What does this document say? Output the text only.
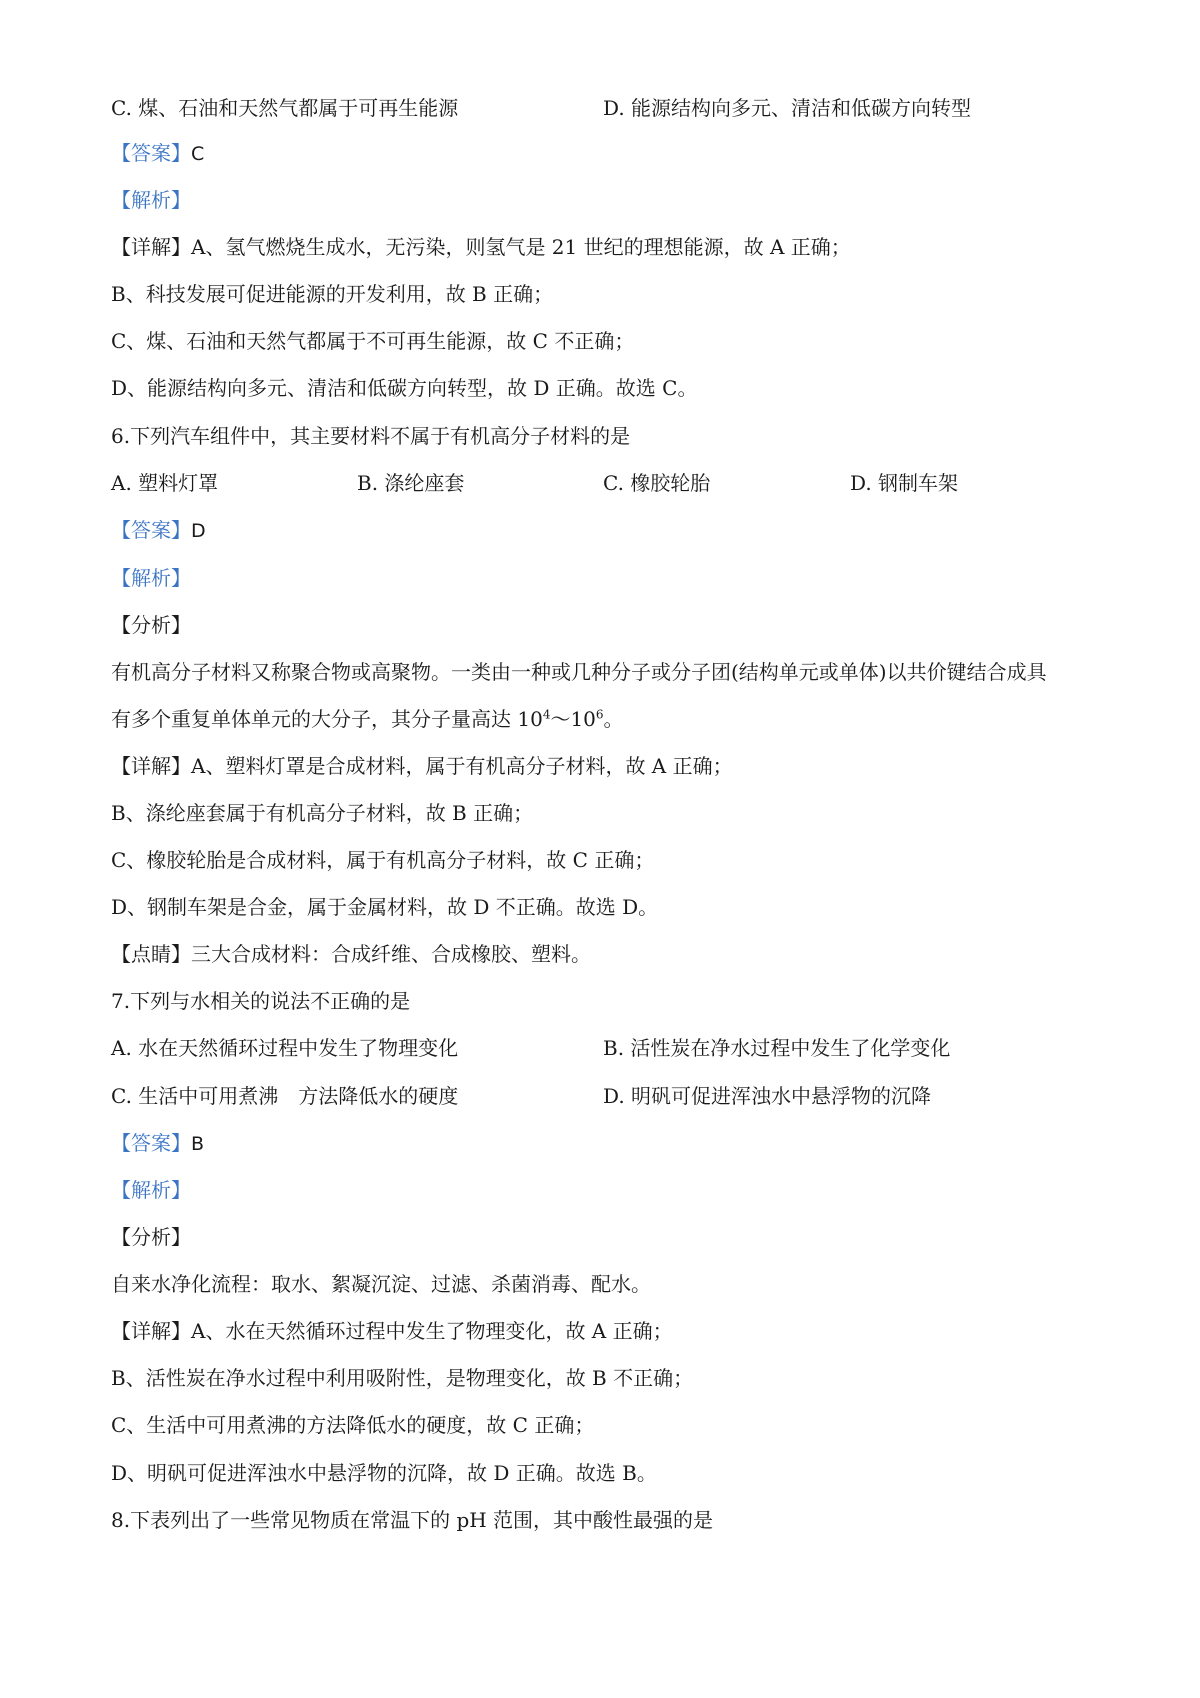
C. 煤、石油和天然气都属于可再生能源	D. 能源结构向多元、清洁和低碳方向转型
【答案】C
【解析】
【详解】A、氢气燃烧生成水，无污染，则氢气是 21 世纪的理想能源，故 A 正确；
B、科技发展可促进能源的开发利用，故 B 正确；
C、煤、石油和天然气都属于不可再生能源，故 C 不正确；
D、能源结构向多元、清洁和低碳方向转型，故 D 正确。故选 C。
6.下列汽车组件中，其主要材料不属于有机高分子材料的是
A. 塑料灯罩	B. 涤纶座套	C. 橡胶轮胎	D. 钢制车架
【答案】D
【解析】
【分析】
有机高分子材料又称聚合物或高聚物。一类由一种或几种分子或分子团(结构单元或单体)以共价键结合成具
有多个重复单体单元的大分子，其分子量高达 $10^4\sim 10^6$。
【详解】A、塑料灯罩是合成材料，属于有机高分子材料，故 A 正确；
B、涤纶座套属于有机高分子材料，故 B 正确；
C、橡胶轮胎是合成材料，属于有机高分子材料，故 C 正确；
D、钢制车架是合金，属于金属材料，故 D 不正确。故选 D。
【点睛】三大合成材料：合成纤维、合成橡胶、塑料。
7.下列与水相关的说法不正确的是
A. 水在天然循环过程中发生了物理变化	B. 活性炭在净水过程中发生了化学变化
C. 生活中可用煮沸　方法降低水的硬度	D. 明矾可促进浑浊水中悬浮物的沉降
【答案】B
【解析】
【分析】
自来水净化流程：取水、絮凝沉淀、过滤、杀菌消毒、配水。
【详解】A、水在天然循环过程中发生了物理变化，故 A 正确；
B、活性炭在净水过程中利用吸附性，是物理变化，故 B 不正确；
C、生活中可用煮沸的方法降低水的硬度，故 C 正确；
D、明矾可促进浑浊水中悬浮物的沉降，故 D 正确。故选 B。
8.下表列出了一些常见物质在常温下的 pH 范围，其中酸性最强的是
